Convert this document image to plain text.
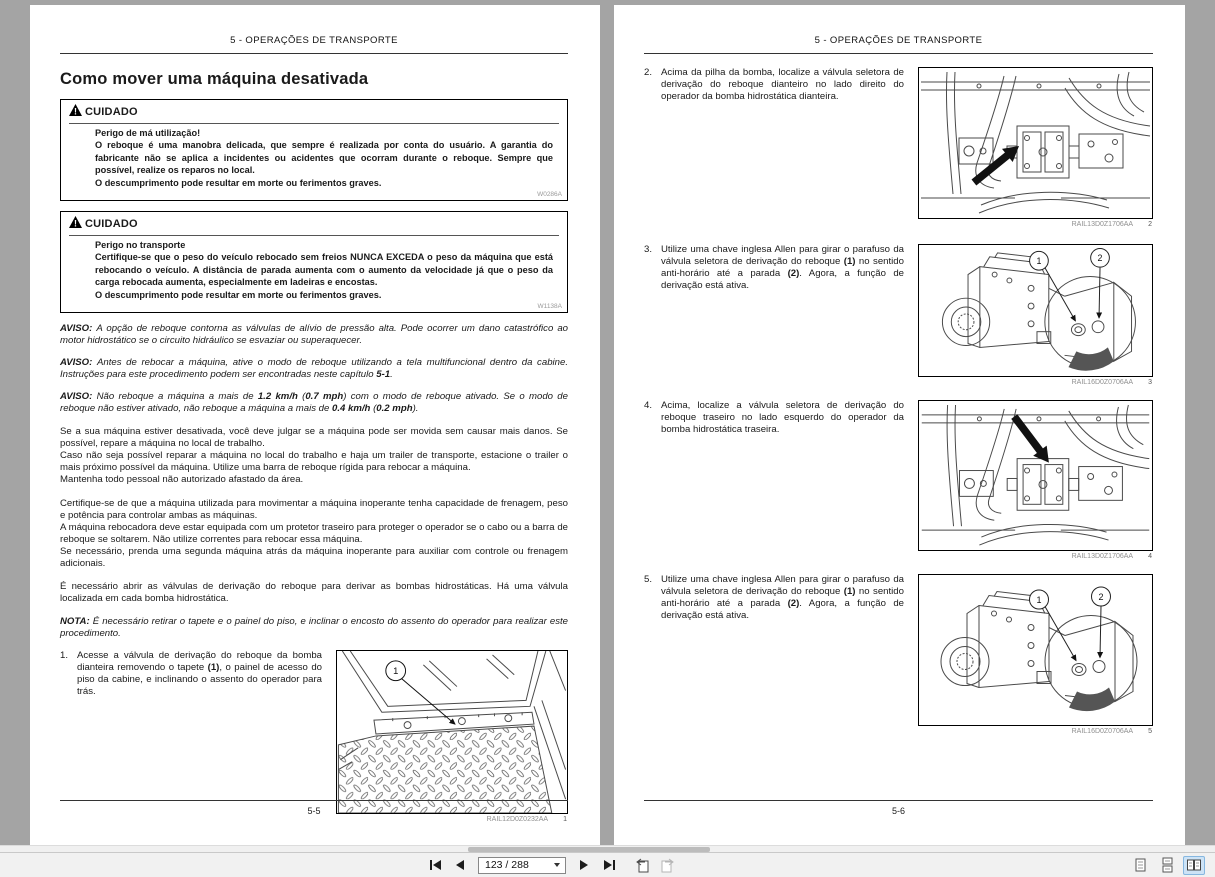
5 - OPERAÇÕES DE TRANSPORTE
Como mover uma máquina desativada
! CUIDADO
Perigo de má utilização!
O reboque é uma manobra delicada, que sempre é realizada por conta do usuário. A garantia do fabricante não se aplica a incidentes ou acidentes que ocorram durante o reboque. Sempre que possível, realize os reparos no local.
O descumprimento pode resultar em morte ou ferimentos graves.
W0286A
! CUIDADO
Perigo no transporte
Certifique-se que o peso do veículo rebocado sem freios NUNCA EXCEDA o peso da máquina que está rebocando o veículo. A distância de parada aumenta com o aumento da velocidade já que o peso da carga rebocada aumenta, especialmente em ladeiras e encostas.
O descumprimento pode resultar em morte ou ferimentos graves.
W1138A

AVISO: A opção de reboque contorna as válvulas de alívio de pressão alta. Pode ocorrer um dano catastrófico ao motor hidrostático se o circuito hidráulico se esvaziar ou superaquecer.

AVISO: Antes de rebocar a máquina, ative o modo de reboque utilizando a tela multifuncional dentro da cabine. Instruções para este procedimento podem ser encontradas neste capítulo 5-1.

AVISO: Não reboque a máquina a mais de 1.2 km/h (0.7 mph) com o modo de reboque ativado. Se o modo de reboque não estiver ativado, não reboque a máquina a mais de 0.4 km/h (0.2 mph).

Se a sua máquina estiver desativada, você deve julgar se a máquina pode ser movida sem causar mais danos. Se possível, repare a máquina no local de trabalho.
Caso não seja possível reparar a máquina no local do trabalho e haja um trailer de transporte, estacione o trailer o mais próximo possível da máquina. Utilize uma barra de reboque rígida para rebocar a máquina.
Mantenha todo pessoal não autorizado afastado da área.
Certifique-se de que a máquina utilizada para movimentar a máquina inoperante tenha capacidade de frenagem, peso e potência para controlar ambas as máquinas.
A máquina rebocadora deve estar equipada com um protetor traseiro para proteger o operador se o cabo ou a barra de reboque se soltarem. Não utilize correntes para rebocar essa máquina.
Se necessário, prenda uma segunda máquina atrás da máquina inoperante para auxiliar com controle ou frenagem adicionais.
É necessário abrir as válvulas de derivação do reboque para derivar as bombas hidrostáticas. Há uma válvula localizada em cada bomba hidrostática.

NOTA: É necessário retirar o tapete e o painel do piso, e inclinar o encosto do assento do operador para realizar este procedimento.

1. Acesse a válvula de derivação do reboque da bomba dianteira removendo o tapete (1), o painel de acesso do piso da cabine, e inclinando o assento do operador para trás.
1
RAIL12D0Z0232AA 1
5-5
5 - OPERAÇÕES DE TRANSPORTE
2. Acima da pilha da bomba, localize a válvula seletora de derivação do reboque dianteiro no lado direito do operador da bomba hidrostática dianteira.
RAIL13D0Z1706AA 2
3. Utilize uma chave inglesa Allen para girar o parafuso da válvula seletora de derivação do reboque (1) no sentido anti-horário até a parada (2). Agora, a função de derivação está ativa.
1	2
RAIL16D0Z0706AA 3
4. Acima, localize a válvula seletora de derivação do reboque traseiro no lado esquerdo do operador da bomba hidrostática traseira.
RAIL13D0Z1706AA 4
5. Utilize uma chave inglesa Allen para girar o parafuso da válvula seletora de derivação do reboque (1) no sentido anti-horário até a parada (2). Agora, a função de derivação está ativa.
1	2
RAIL16D0Z0706AA 5
5-6
123 / 288
